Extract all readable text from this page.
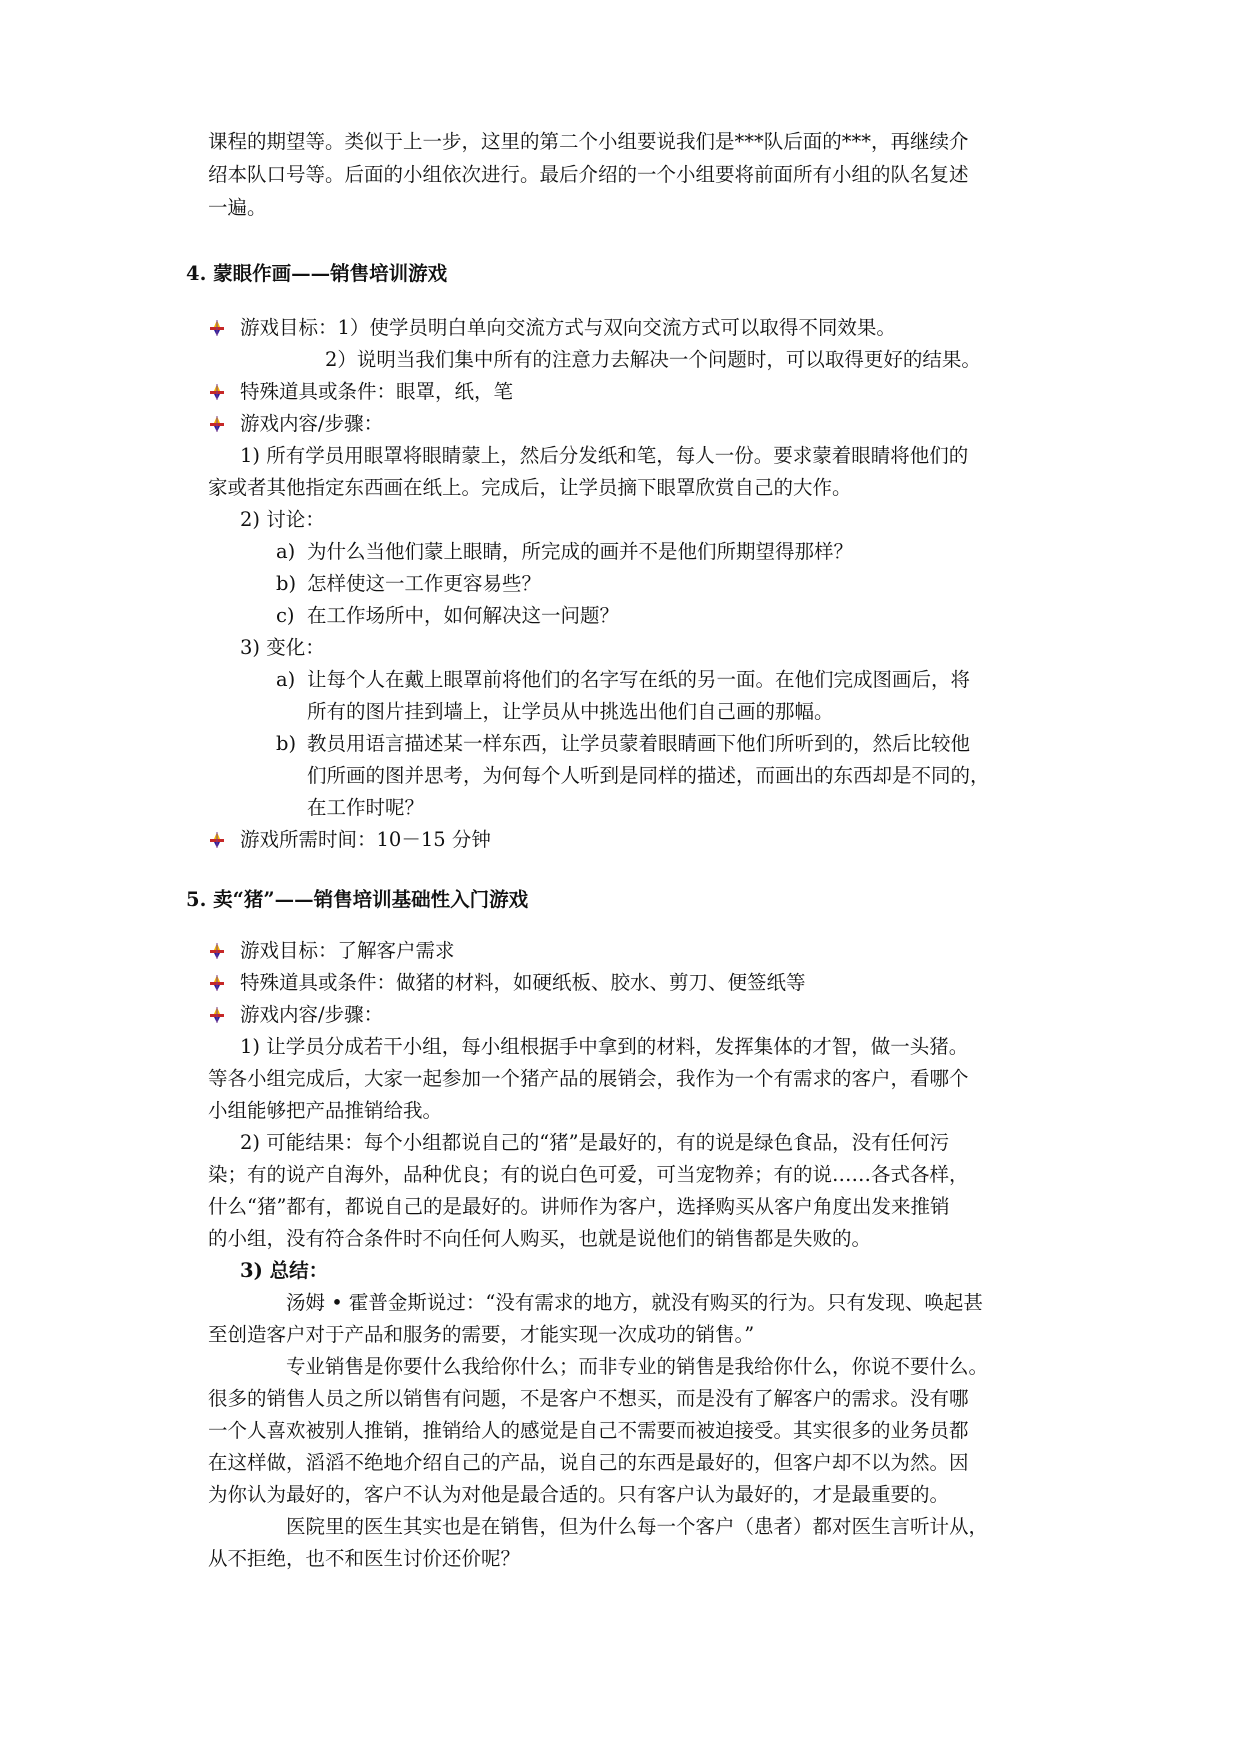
课程的期望等。类似于上一步，这里的第二个小组要说我们是***队后面的***，再继续介
绍本队口号等。后面的小组依次进行。最后介绍的一个小组要将前面所有小组的队名复述
一遍。
4. 蒙眼作画——销售培训游戏
游戏目标：1）使学员明白单向交流方式与双向交流方式可以取得不同效果。
2）说明当我们集中所有的注意力去解决一个问题时，可以取得更好的结果。
特殊道具或条件：眼罩，纸，笔
游戏内容/步骤：
1) 所有学员用眼罩将眼睛蒙上，然后分发纸和笔，每人一份。要求蒙着眼睛将他们的
家或者其他指定东西画在纸上。完成后，让学员摘下眼罩欣赏自己的大作。
2) 讨论：
a) 为什么当他们蒙上眼睛，所完成的画并不是他们所期望得那样？
b) 怎样使这一工作更容易些？
c) 在工作场所中，如何解决这一问题？
3) 变化：
a) 让每个人在戴上眼罩前将他们的名字写在纸的另一面。在他们完成图画后，将
所有的图片挂到墙上，让学员从中挑选出他们自己画的那幅。
b) 教员用语言描述某一样东西，让学员蒙着眼睛画下他们所听到的，然后比较他
们所画的图并思考，为何每个人听到是同样的描述，而画出的东西却是不同的，
在工作时呢？
游戏所需时间：10－15 分钟
5. 卖“猪”——销售培训基础性入门游戏
游戏目标：了解客户需求
特殊道具或条件：做猪的材料，如硬纸板、胶水、剪刀、便签纸等
游戏内容/步骤：
1) 让学员分成若干小组，每小组根据手中拿到的材料，发挥集体的才智，做一头猪。
等各小组完成后，大家一起参加一个猪产品的展销会，我作为一个有需求的客户，看哪个
小组能够把产品推销给我。
2) 可能结果：每个小组都说自己的“猪”是最好的，有的说是绿色食品，没有任何污
染；有的说产自海外，品种优良；有的说白色可爱，可当宠物养；有的说……各式各样，
什么“猪”都有，都说自己的是最好的。讲师作为客户，选择购买从客户角度出发来推销
的小组，没有符合条件时不向任何人购买，也就是说他们的销售都是失败的。
3) 总结：
汤姆 • 霍普金斯说过：“没有需求的地方，就没有购买的行为。只有发现、唤起甚
至创造客户对于产品和服务的需要，才能实现一次成功的销售。”
专业销售是你要什么我给你什么；而非专业的销售是我给你什么，你说不要什么。
很多的销售人员之所以销售有问题，不是客户不想买，而是没有了解客户的需求。没有哪
一个人喜欢被别人推销，推销给人的感觉是自己不需要而被迫接受。其实很多的业务员都
在这样做，滔滔不绝地介绍自己的产品，说自己的东西是最好的，但客户却不以为然。因
为你认为最好的，客户不认为对他是最合适的。只有客户认为最好的，才是最重要的。
医院里的医生其实也是在销售，但为什么每一个客户（患者）都对医生言听计从，
从不拒绝，也不和医生讨价还价呢？
